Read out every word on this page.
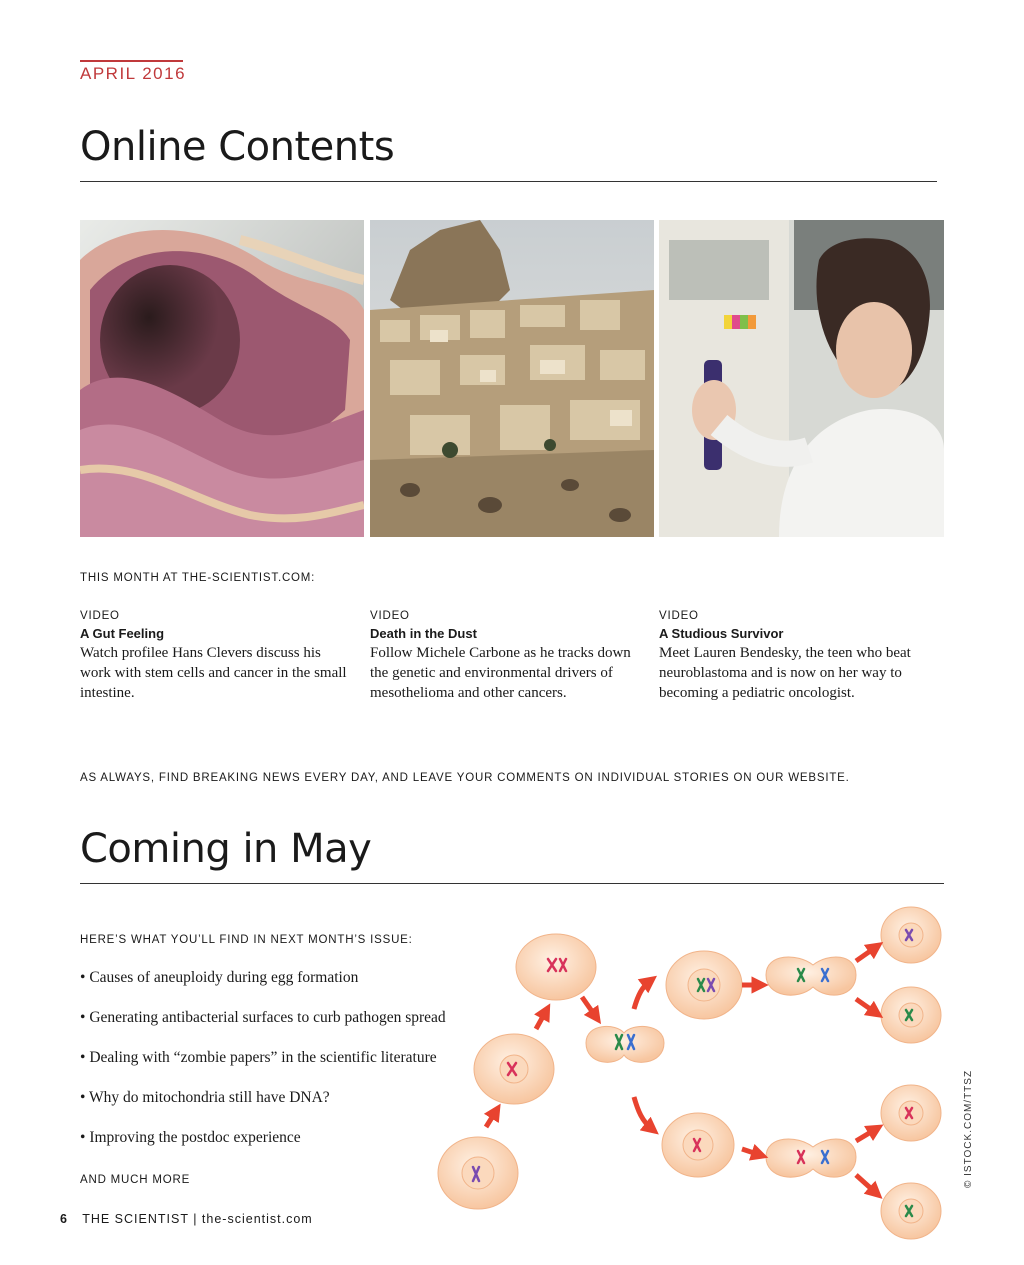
APRIL 2016
Online Contents
THIS MONTH AT THE-SCIENTIST.COM:
VIDEO
A Gut Feeling
Watch profilee Hans Clevers discuss his work with stem cells and cancer in the small intestine.
VIDEO
Death in the Dust
Follow Michele Carbone as he tracks down the genetic and environmental drivers of mesothelioma and other cancers.
VIDEO
A Studious Survivor
Meet Lauren Bendesky, the teen who beat neuroblastoma and is now on her way to becoming a pediatric oncologist.
AS ALWAYS, FIND BREAKING NEWS EVERY DAY, AND LEAVE YOUR COMMENTS ON INDIVIDUAL STORIES ON OUR WEBSITE.
Coming in May
HERE’S WHAT YOU’LL FIND IN NEXT MONTH’S ISSUE:
• Causes of aneuploidy during egg formation
• Generating antibacterial surfaces to curb pathogen spread
• Dealing with “zombie papers” in the scientific literature
• Why do mitochondria still have DNA?
• Improving the postdoc experience
AND MUCH MORE	© ISTOCK.COM/TTSZ
6 THE SCIENTIST | the-scientist.com
